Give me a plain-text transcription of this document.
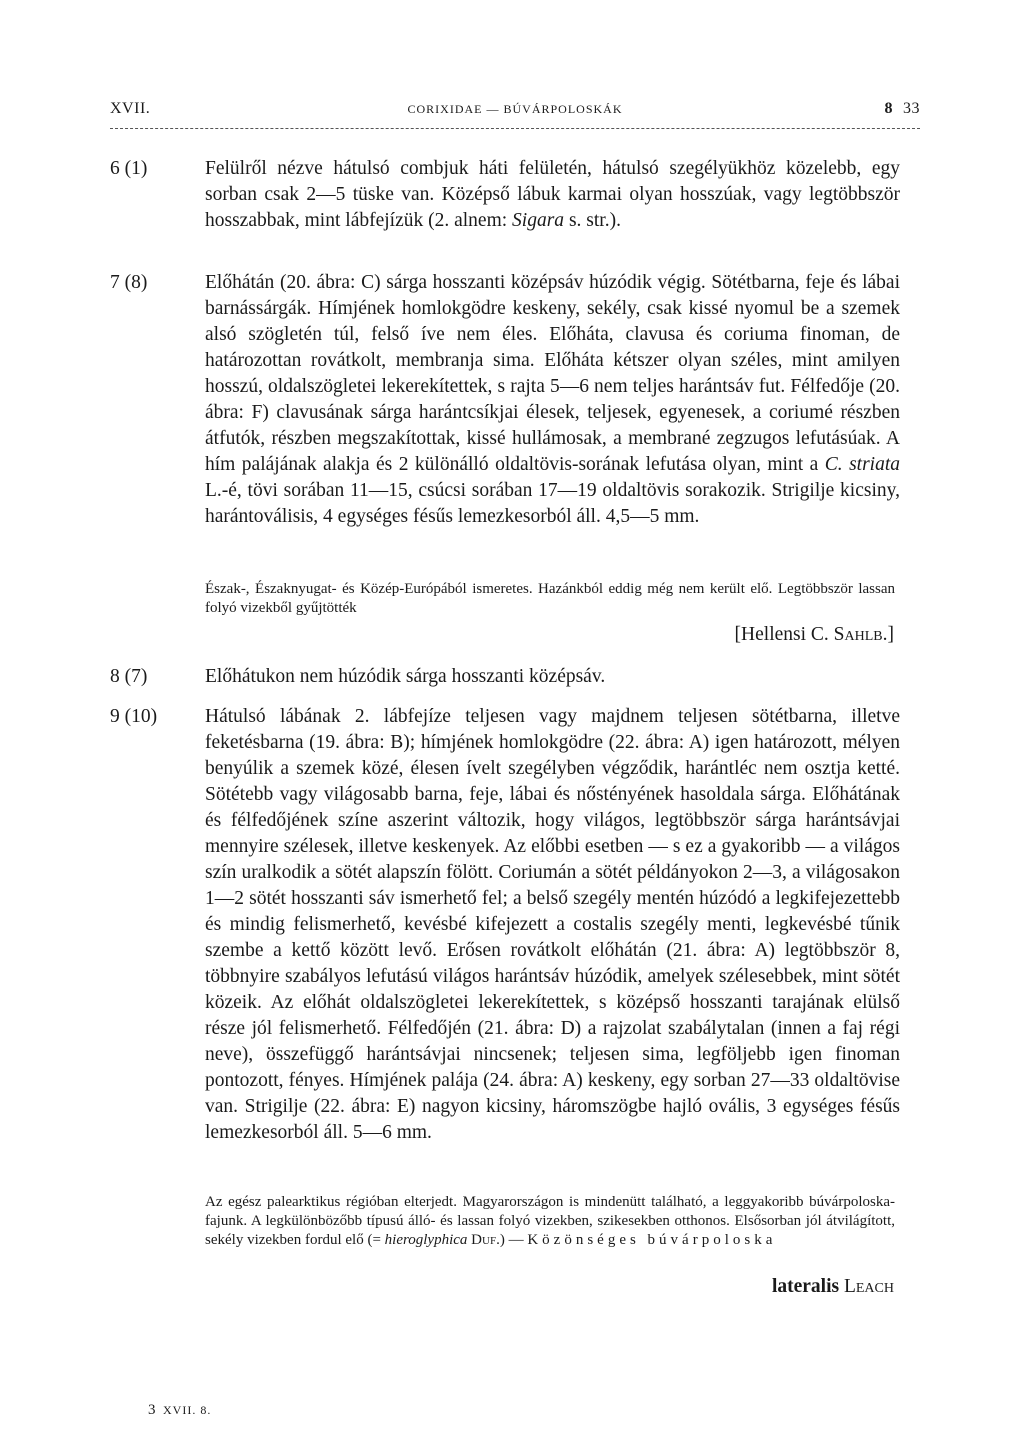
XVII.	CORIXIDAE — BÚVÁRPOLOSKÁK	8 33
6 (1)	Felülről nézve hátulsó combjuk háti felületén, hátulsó szegélyükhöz közelebb, egy sorban csak 2—5 tüske van. Középső lábuk karmai olyan hosszúak, vagy legtöbbször hosszabbak, mint lábfejízük (2. alnem: Sigara s. str.).
7 (8)	Előhátán (20. ábra: C) sárga hosszanti középsáv húzódik végig. Sötétbarna, feje és lábai barnássárgák. Hímjének homlokgödre keskeny, sekély, csak kissé nyomul be a szemek alsó szögletén túl, felső íve nem éles. Előháta, clavusa és coriuma finoman, de határozottan rovátkolt, membranja sima. Előháta kétszer olyan széles, mint amilyen hosszú, oldalszögletei lekerekítettek, s rajta 5—6 nem teljes harántsáv fut. Félfedője (20. ábra: F) clavusának sárga harántcsíkjai élesek, teljesek, egyenesek, a coriumé részben átfutók, részben megszakítottak, kissé hullámosak, a membrané zegzugos lefutásúak. A hím palájának alakja és 2 különálló oldaltövis-sorának lefutása olyan, mint a C. striata L.-é, tövi sorában 11—15, csúcsi sorában 17—19 oldaltövis sorakozik. Strigilje kicsiny, harántoválisis, 4 egységes fésűs lemezkesorból áll. 4,5—5 mm.
Észak-, Északnyugat- és Közép-Európából ismeretes. Hazánkból eddig még nem került elő. Legtöbbször lassan folyó vizekből gyűjtötték
[Hellensi C. Sahlb.]
8 (7)	Előhátukon nem húzódik sárga hosszanti középsáv.
9 (10)	Hátulsó lábának 2. lábfejíze teljesen vagy majdnem teljesen sötétbarna, illetve feketésbarna (19. ábra: B); hímjének homlokgödre (22. ábra: A) igen határozott, mélyen benyúlik a szemek közé, élesen ívelt szegélyben végződik, harántléc nem osztja ketté. Sötétebb vagy világosabb barna, feje, lábai és nőstényének hasoldala sárga. Előhátának és félfedőjének színe aszerint változik, hogy világos, legtöbbször sárga harántsávjai mennyire szélesek, illetve keskenyek. Az előbbi esetben — s ez a gyakoribb — a világos szín uralkodik a sötét alapszín fölött. Coriumán a sötét példányokon 2—3, a világosakon 1—2 sötét hosszanti sáv ismerhető fel; a belső szegély mentén húzódó a legkifejezettebb és mindig felismerhető, kevésbé kifejezett a costalis szegély menti, legkevésbé tűnik szembe a kettő között levő. Erősen rovátkolt előhátán (21. ábra: A) legtöbbször 8, többnyire szabályos lefutású világos harántsáv húzódik, amelyek szélesebbek, mint sötét közeik. Az előhát oldalszögletei lekerekítettek, s középső hosszanti tarajának elülső része jól felismerhető. Félfedőjén (21. ábra: D) a rajzolat szabálytalan (innen a faj régi neve), összefüggő harántsávjai nincsenek; teljesen sima, legföljebb igen finoman pontozott, fényes. Hímjének palája (24. ábra: A) keskeny, egy sorban 27—33 oldaltövise van. Strigilje (22. ábra: E) nagyon kicsiny, háromszögbe hajló ovális, 3 egységes fésűs lemezkesorból áll. 5—6 mm.
Az egész palearktikus régióban elterjedt. Magyarországon is mindenütt található, a leggyakoribb búvárpoloska-fajunk. A legkülönbözőbb típusú álló- és lassan folyó vizekben, szikesekben otthonos. Elsősorban jól átvilágított, sekély vizekben fordul elő (= hieroglyphica Duf.) — Közönséges búvárpoloska
lateralis Leach
3 XVII. 8.
